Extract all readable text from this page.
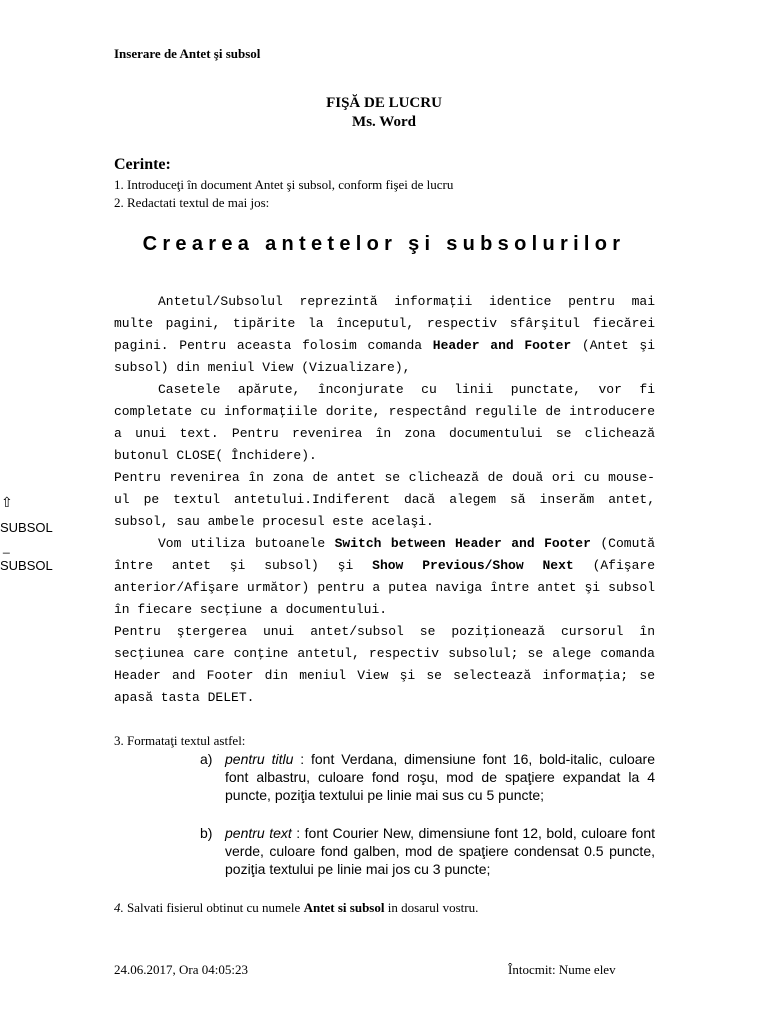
Inserare de Antet şi subsol
FIŞĂ DE LUCRU
Ms. Word
Cerinte:
1. Introduceţi în document Antet şi subsol, conform fişei de lucru
2. Redactati textul de mai jos:
Crearea antetelor şi subsolurilor

Antetul/Subsolul reprezintă informaţii identice pentru mai multe pagini, tipărite la începutul, respectiv sfârşitul fiecărei pagini. Pentru aceasta folosim comanda Header and Footer (Antet şi subsol) din meniul View (Vizualizare),

Casetele apărute, înconjurate cu linii punctate, vor fi completate cu informaţiile dorite, respectând regulile de introducere a unui text. Pentru revenirea în zona documentului se clichează butonul CLOSE( Închidere).

Pentru revenirea în zona de antet se clichează de două ori cu mouse-ul pe textul antetului.Indiferent dacă alegem să inserăm antet, subsol, sau ambele procesul este acelaşi.

Vom utiliza butoanele Switch between Header and Footer (Comută între antet şi subsol) şi Show Previous/Show Next (Afişare anterior/Afişare următor) pentru a putea naviga între antet şi subsol în fiecare secţiune a documentului.

Pentru ştergerea unui antet/subsol se poziţionează cursorul în secţiunea care conţine antetul, respectiv subsolul; se alege comanda Header and Footer din meniul View şi se selectează informaţia; se apasă tasta DELET.

⇧
SUBSOL
_
SUBSOL
3. Formataţi textul astfel:
a) pentru titlu : font Verdana, dimensiune font 16, bold-italic, culoare font albastru, culoare fond roşu, mod de spaţiere expandat la 4 puncte, poziţia textului pe linie mai sus cu 5 puncte;
b) pentru text : font Courier New, dimensiune font 12, bold, culoare font verde, culoare fond galben, mod de spaţiere condensat 0.5 puncte, poziţia textului pe linie mai jos cu 3 puncte;
4. Salvati fisierul obtinut cu numele Antet si subsol in dosarul vostru.
24.06.2017, Ora 04:05:23	Întocmit: Nume elev
